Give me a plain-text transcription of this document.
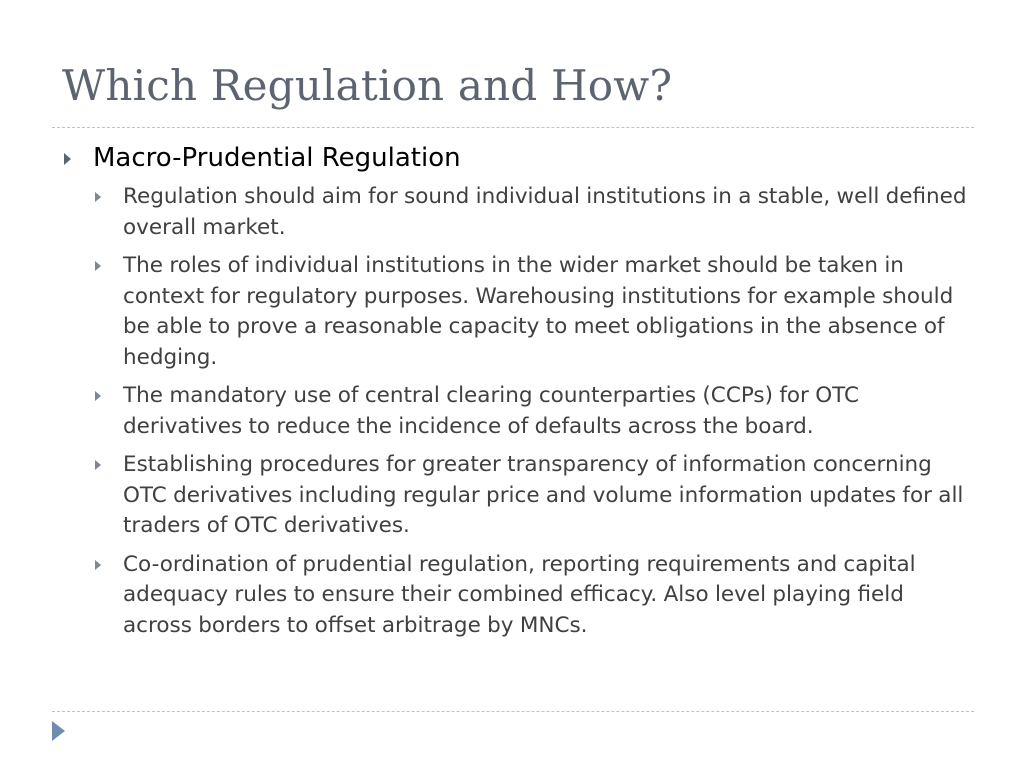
Which Regulation and How?
Macro-Prudential Regulation
Regulation should aim for sound individual institutions in a stable, well defined overall market.
The roles of individual institutions in the wider market should be taken in context for regulatory purposes. Warehousing institutions for example should be able to prove a reasonable capacity to meet obligations in the absence of hedging.
The mandatory use of central clearing counterparties (CCPs) for OTC derivatives to reduce the incidence of defaults across the board.
Establishing procedures for greater transparency of information concerning OTC derivatives including regular price and volume information updates for all traders of OTC derivatives.
Co-ordination of prudential regulation, reporting requirements and capital adequacy rules to ensure their combined efficacy. Also level playing field across borders to offset arbitrage by MNCs.
